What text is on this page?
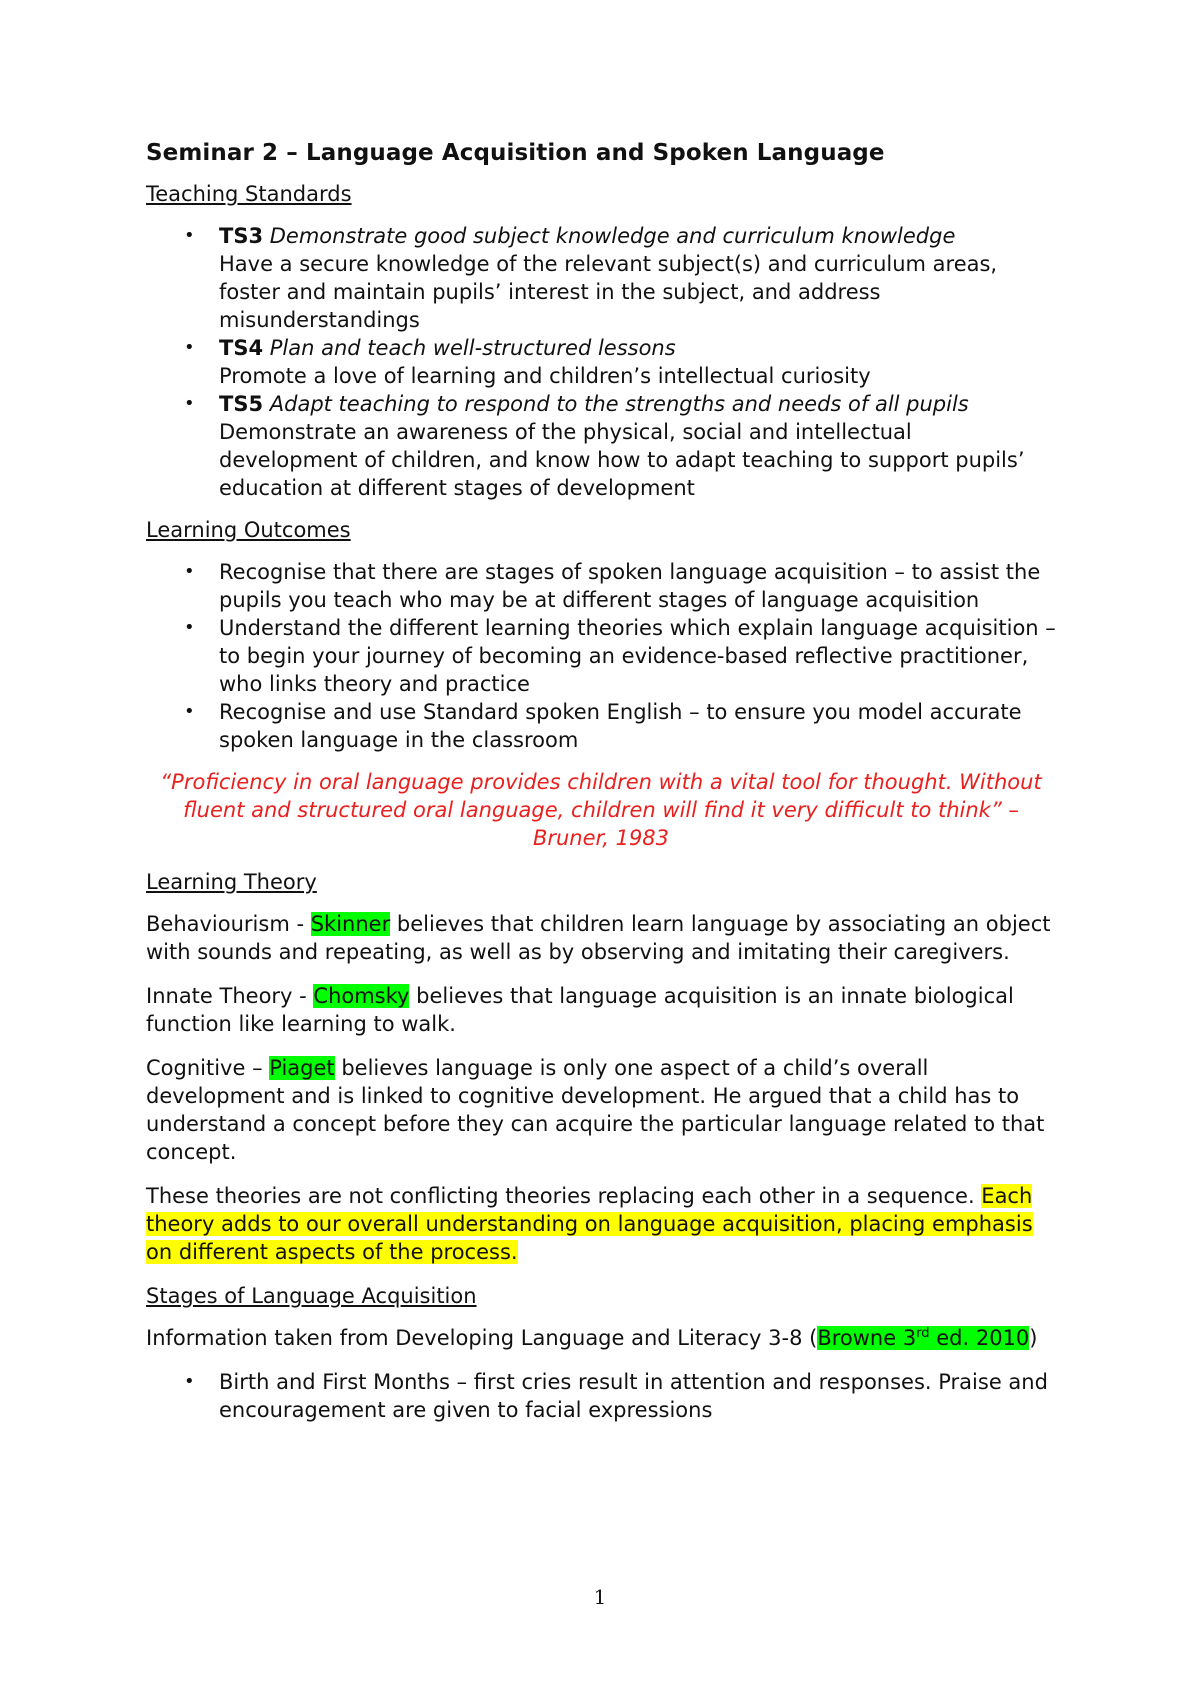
Seminar 2 – Language Acquisition and Spoken Language
Teaching Standards
• TS3 Demonstrate good subject knowledge and curriculum knowledge
Have a secure knowledge of the relevant subject(s) and curriculum areas, foster and maintain pupils’ interest in the subject, and address misunderstandings
• TS4 Plan and teach well-structured lessons
Promote a love of learning and children’s intellectual curiosity
• TS5 Adapt teaching to respond to the strengths and needs of all pupils
Demonstrate an awareness of the physical, social and intellectual development of children, and know how to adapt teaching to support pupils’ education at different stages of development
Learning Outcomes
• Recognise that there are stages of spoken language acquisition – to assist the pupils you teach who may be at different stages of language acquisition
• Understand the different learning theories which explain language acquisition – to begin your journey of becoming an evidence-based reflective practitioner, who links theory and practice
• Recognise and use Standard spoken English – to ensure you model accurate spoken language in the classroom
“Proficiency in oral language provides children with a vital tool for thought. Without fluent and structured oral language, children will find it very difficult to think” – Bruner, 1983
Learning Theory

Behaviourism - Skinner believes that children learn language by associating an object with sounds and repeating, as well as by observing and imitating their caregivers.

Innate Theory - Chomsky believes that language acquisition is an innate biological function like learning to walk.

Cognitive – Piaget believes language is only one aspect of a child’s overall development and is linked to cognitive development. He argued that a child has to understand a concept before they can acquire the particular language related to that concept.

These theories are not conflicting theories replacing each other in a sequence. Each theory adds to our overall understanding on language acquisition, placing emphasis on different aspects of the process.

Stages of Language Acquisition

Information taken from Developing Language and Literacy 3-8 (Browne 3rd ed. 2010)

• Birth and First Months – first cries result in attention and responses. Praise and encouragement are given to facial expressions
1
